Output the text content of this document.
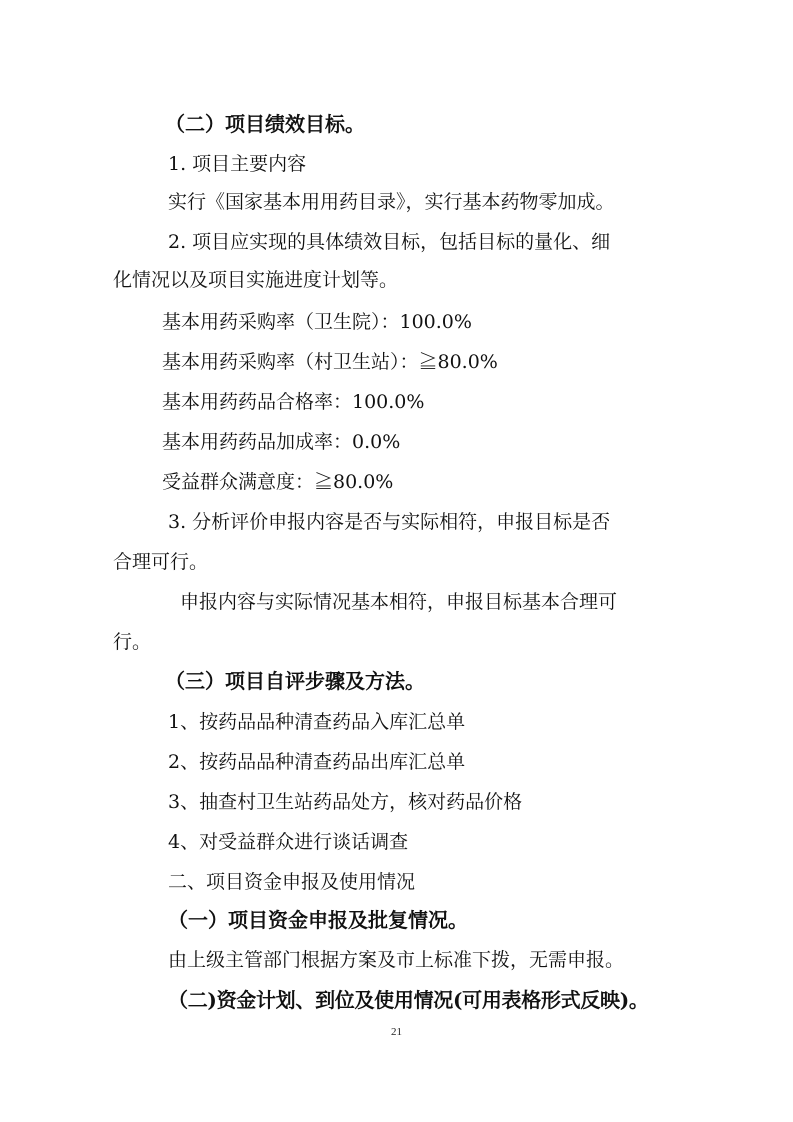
（二）项目绩效目标。
1. 项目主要内容
实行《国家基本用用药目录》，实行基本药物零加成。
2. 项目应实现的具体绩效目标，包括目标的量化、细
化情况以及项目实施进度计划等。
基本用药采购率（卫生院）：100.0%
基本用药采购率（村卫生站）：≧80.0%
基本用药药品合格率：100.0%
基本用药药品加成率：0.0%
受益群众满意度：≧80.0%
3. 分析评价申报内容是否与实际相符，申报目标是否
合理可行。
申报内容与实际情况基本相符，申报目标基本合理可
行。
（三）项目自评步骤及方法。
1、按药品品种清查药品入库汇总单
2、按药品品种清查药品出库汇总单
3、抽查村卫生站药品处方，核对药品价格
4、对受益群众进行谈话调查
二、项目资金申报及使用情况
（一）项目资金申报及批复情况。
由上级主管部门根据方案及市上标准下拨，无需申报。
（二)资金计划、到位及使用情况(可用表格形式反映)。
21
